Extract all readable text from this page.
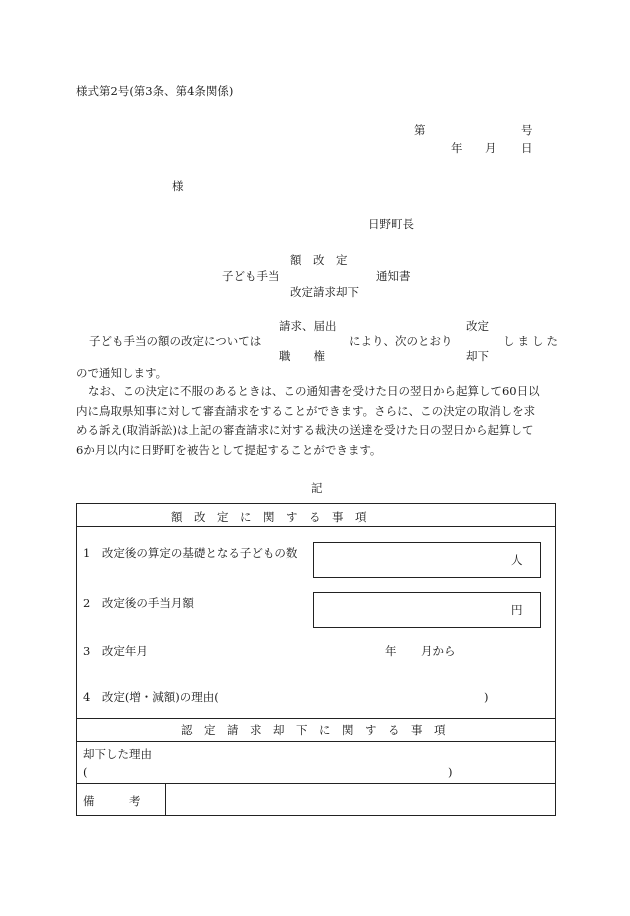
様式第2号(第3条、第4条関係)
第	号
年 月 日
様
日野町長
額　改　定
子ども手当	通知書
改定請求却下
請求、届出	改定
子ども手当の額の改定については	により、次のとおり	しました
職　　権	却下
ので通知します。

なお、この決定に不服のあるときは、この通知書を受けた日の翌日から起算して60日以

内に鳥取県知事に対して審査請求をすることができます。さらに、この決定の取消しを求

める訴え(取消訴訟)は上記の審査請求に対する裁決の送達を受けた日の翌日から起算して

6か月以内に日野町を被告として提起することができます。

記
額　改　定　に　関　す　る　事　項
1　改定後の算定の基礎となる子どもの数	人
2　改定後の手当月額	円
3　改定年月	年 月から
4　改定(増・減額)の理由(	)
認　定　請　求　却　下　に　関　す　る　事　項
却下した理由
(	)
備　　　考
